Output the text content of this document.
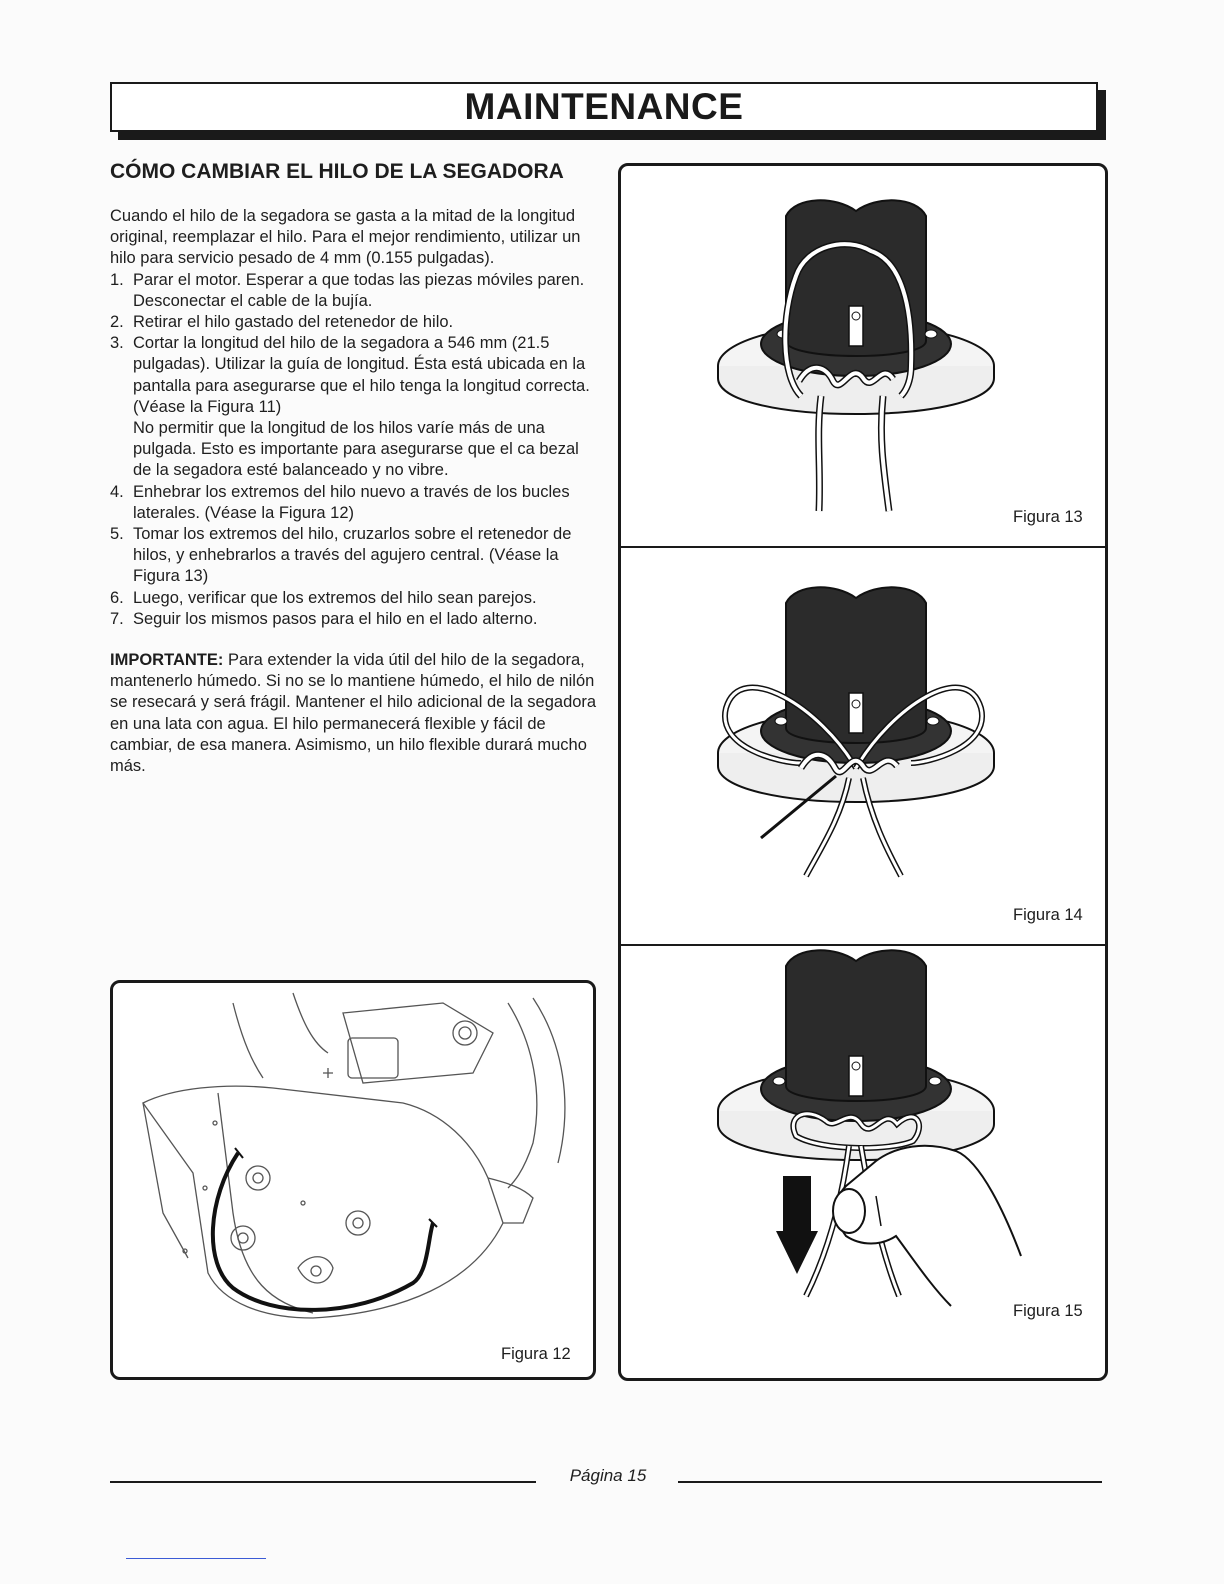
MAINTENANCE
CÓMO CAMBIAR EL HILO DE LA SEGADORA

Cuando el hilo de la segadora se gasta a la mitad de la longitud original, reemplazar el hilo. Para el mejor rendimiento, utilizar un hilo para servicio pesado de 4 mm (0.155 pulgadas).

1. Parar el motor. Esperar a que todas las piezas móviles paren. Desconectar el cable de la bujía.
2. Retirar el hilo gastado del retenedor de hilo.
3. Cortar la longitud del hilo de la segadora a 546 mm (21.5 pulgadas). Utilizar la guía de longitud. Ésta está ubicada en la pantalla para asegurarse que el hilo tenga la longitud correcta. (Véase la Figura 11)
No permitir que la longitud de los hilos varíe más de una pulgada. Esto es importante para asegurarse que el ca bezal de la segadora esté balanceado y no vibre.
4. Enhebrar los extremos del hilo nuevo a través de los bucles laterales. (Véase la Figura 12)
5. Tomar los extremos del hilo, cruzarlos sobre el retenedor de hilos, y enhebrarlos a través del agujero central. (Véase la Figura 13)
6. Luego, verificar que los extremos del hilo sean parejos.
7. Seguir los mismos pasos para el hilo en el lado alterno.

IMPORTANTE: Para extender la vida útil del hilo de la segadora, mantenerlo húmedo. Si no se lo mantiene húmedo, el hilo de nilón se resecará y será frágil. Mantener el hilo adicional de la segadora en una lata con agua. El hilo permanecerá flexible y fácil de cambiar, de esa manera. Asimismo, un hilo flexible durará mucho más.

Figura 12
Figura 13
Figura 14
Figura 15
Página 15
